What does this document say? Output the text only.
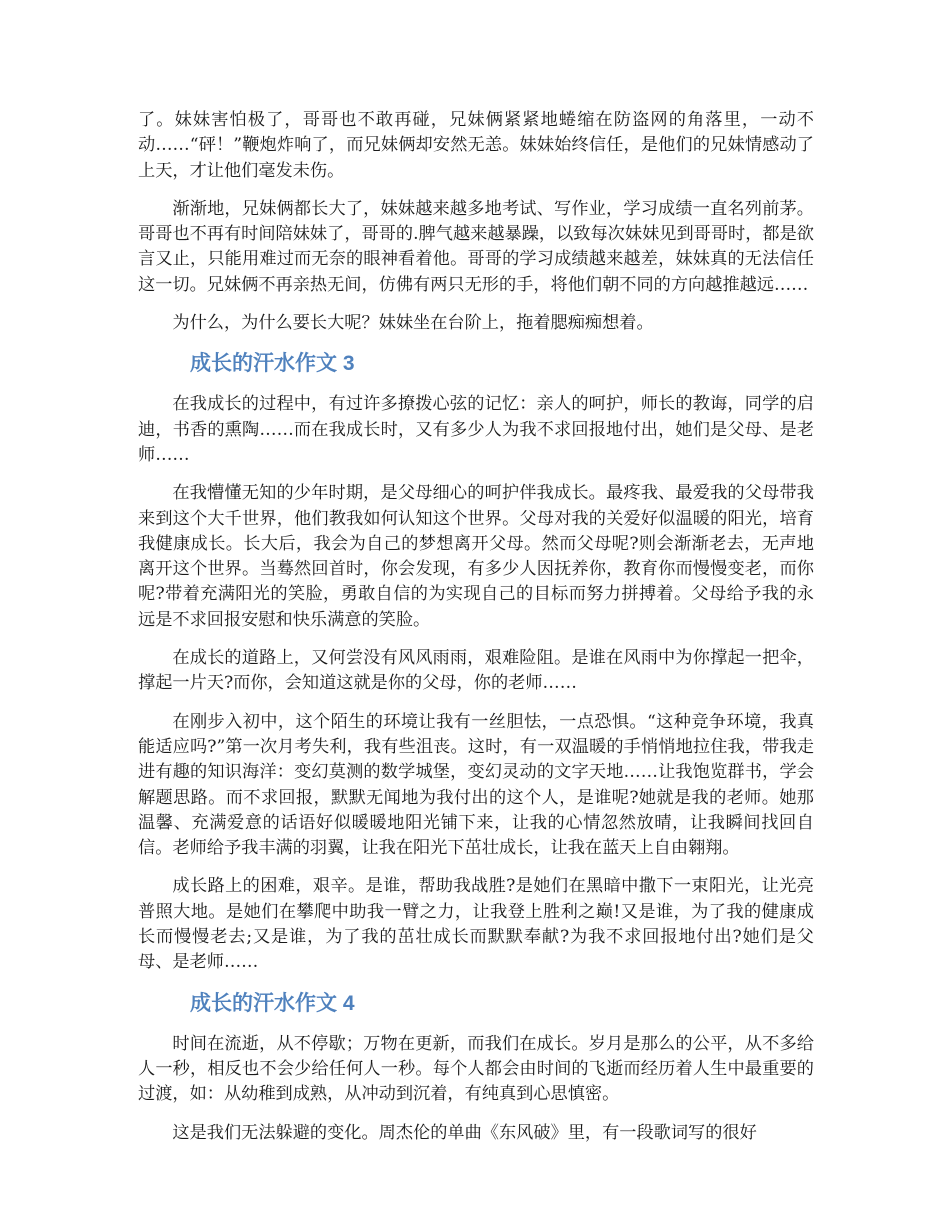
了。妹妹害怕极了，哥哥也不敢再碰，兄妹俩紧紧地蜷缩在防盗网的角落里，一动不动……“砰！”鞭炮炸响了，而兄妹俩却安然无恙。妹妹始终信任，是他们的兄妹情感动了上天，才让他们毫发未伤。

渐渐地，兄妹俩都长大了，妹妹越来越多地考试、写作业，学习成绩一直名列前茅。哥哥也不再有时间陪妹妹了，哥哥的.脾气越来越暴躁，以致每次妹妹见到哥哥时，都是欲言又止，只能用难过而无奈的眼神看着他。哥哥的学习成绩越来越差，妹妹真的无法信任这一切。兄妹俩不再亲热无间，仿佛有两只无形的手，将他们朝不同的方向越推越远……

为什么，为什么要长大呢？妹妹坐在台阶上，拖着腮痴痴想着。

成长的汗水作文 3

在我成长的过程中，有过许多撩拨心弦的记忆：亲人的呵护，师长的教诲，同学的启迪，书香的熏陶……而在我成长时，又有多少人为我不求回报地付出，她们是父母、是老师……

在我懵懂无知的少年时期，是父母细心的呵护伴我成长。最疼我、最爱我的父母带我来到这个大千世界，他们教我如何认知这个世界。父母对我的关爱好似温暖的阳光，培育我健康成长。长大后，我会为自己的梦想离开父母。然而父母呢?则会渐渐老去，无声地离开这个世界。当蓦然回首时，你会发现，有多少人因抚养你，教育你而慢慢变老，而你呢?带着充满阳光的笑脸，勇敢自信的为实现自己的目标而努力拼搏着。父母给予我的永远是不求回报安慰和快乐满意的笑脸。

在成长的道路上，又何尝没有风风雨雨，艰难险阻。是谁在风雨中为你撑起一把伞，撑起一片天?而你，会知道这就是你的父母，你的老师……

在刚步入初中，这个陌生的环境让我有一丝胆怯，一点恐惧。“这种竞争环境，我真能适应吗?”第一次月考失利，我有些沮丧。这时，有一双温暖的手悄悄地拉住我，带我走进有趣的知识海洋：变幻莫测的数学城堡，变幻灵动的文字天地……让我饱览群书，学会解题思路。而不求回报，默默无闻地为我付出的这个人，是谁呢?她就是我的老师。她那温馨、充满爱意的话语好似暖暖地阳光铺下来，让我的心情忽然放晴，让我瞬间找回自信。老师给予我丰满的羽翼，让我在阳光下茁壮成长，让我在蓝天上自由翱翔。

成长路上的困难，艰辛。是谁，帮助我战胜?是她们在黑暗中撒下一束阳光，让光亮普照大地。是她们在攀爬中助我一臂之力，让我登上胜利之巅!又是谁，为了我的健康成长而慢慢老去;又是谁，为了我的茁壮成长而默默奉献?为我不求回报地付出?她们是父母、是老师……

成长的汗水作文 4

时间在流逝，从不停歇；万物在更新，而我们在成长。岁月是那么的公平，从不多给人一秒，相反也不会少给任何人一秒。每个人都会由时间的飞逝而经历着人生中最重要的过渡，如：从幼稚到成熟，从冲动到沉着，有纯真到心思慎密。

这是我们无法躲避的变化。周杰伦的单曲《东风破》里，有一段歌词写的很好
